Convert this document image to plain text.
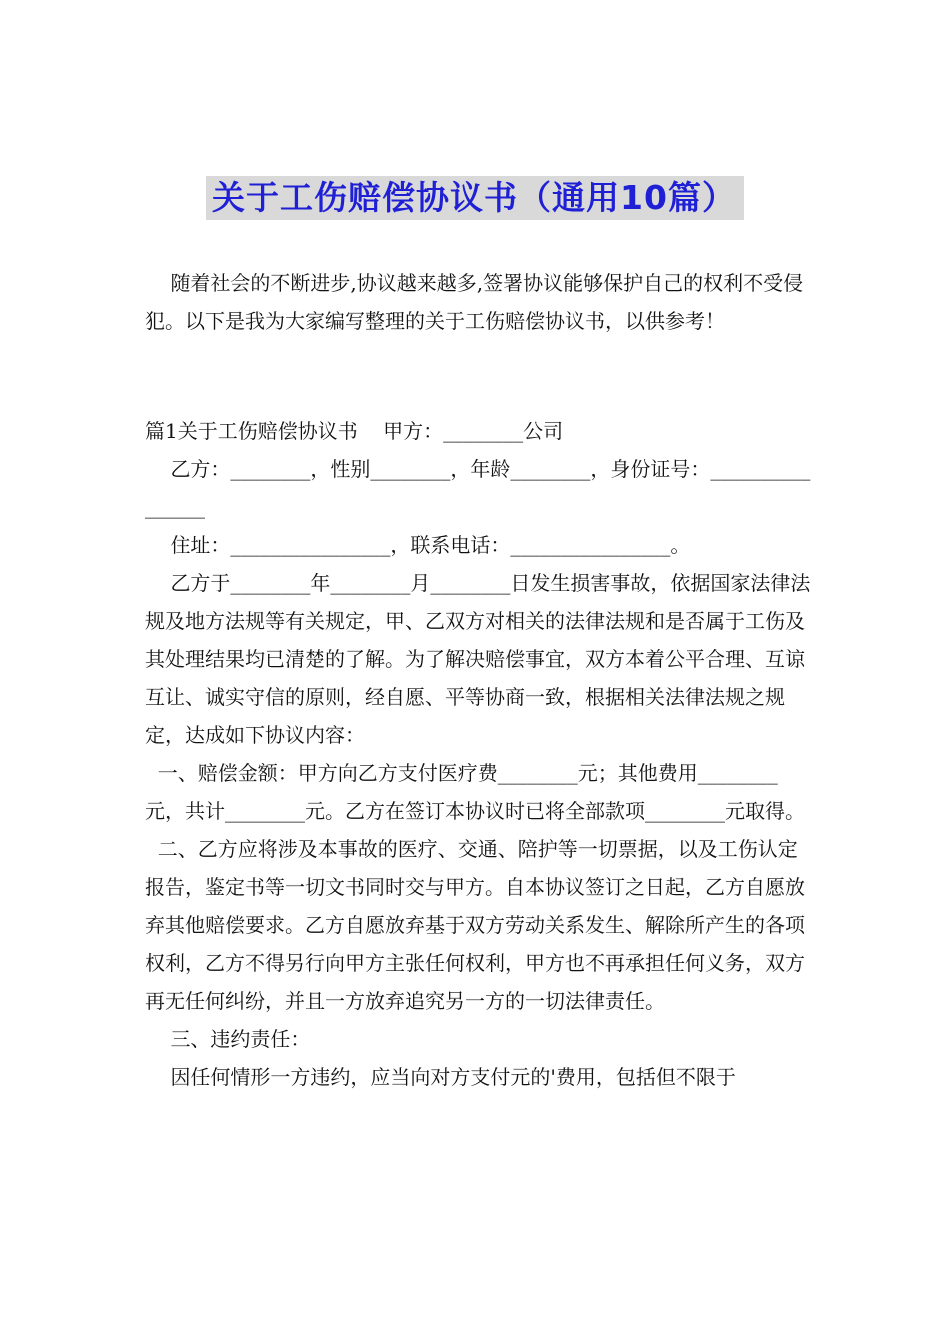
关于工伤赔偿协议书（通用10篇）

随着社会的不断进步,协议越来越多,签署协议能够保护自己的权利不受侵犯。以下是我为大家编写整理的关于工伤赔偿协议书，以供参考！

篇1关于工伤赔偿协议书    甲方：________公司

乙方：________，性别________，年龄________，身份证号：________________

住址：________________，联系电话：________________。

乙方于________年________月________日发生损害事故，依据国家法律法规及地方法规等有关规定，甲、乙双方对相关的法律法规和是否属于工伤及其处理结果均已清楚的了解。为了解决赔偿事宜，双方本着公平合理、互谅互让、诚实守信的原则，经自愿、平等协商一致，根据相关法律法规之规定，达成如下协议内容：

一、赔偿金额：甲方向乙方支付医疗费________元；其他费用________元，共计________元。乙方在签订本协议时已将全部款项________元取得。

二、乙方应将涉及本事故的医疗、交通、陪护等一切票据，以及工伤认定报告，鉴定书等一切文书同时交与甲方。自本协议签订之日起，乙方自愿放弃其他赔偿要求。乙方自愿放弃基于双方劳动关系发生、解除所产生的各项权利，乙方不得另行向甲方主张任何权利，甲方也不再承担任何义务，双方再无任何纠纷，并且一方放弃追究另一方的一切法律责任。

三、违约责任：

因任何情形一方违约，应当向对方支付元的'费用，包括但不限于
